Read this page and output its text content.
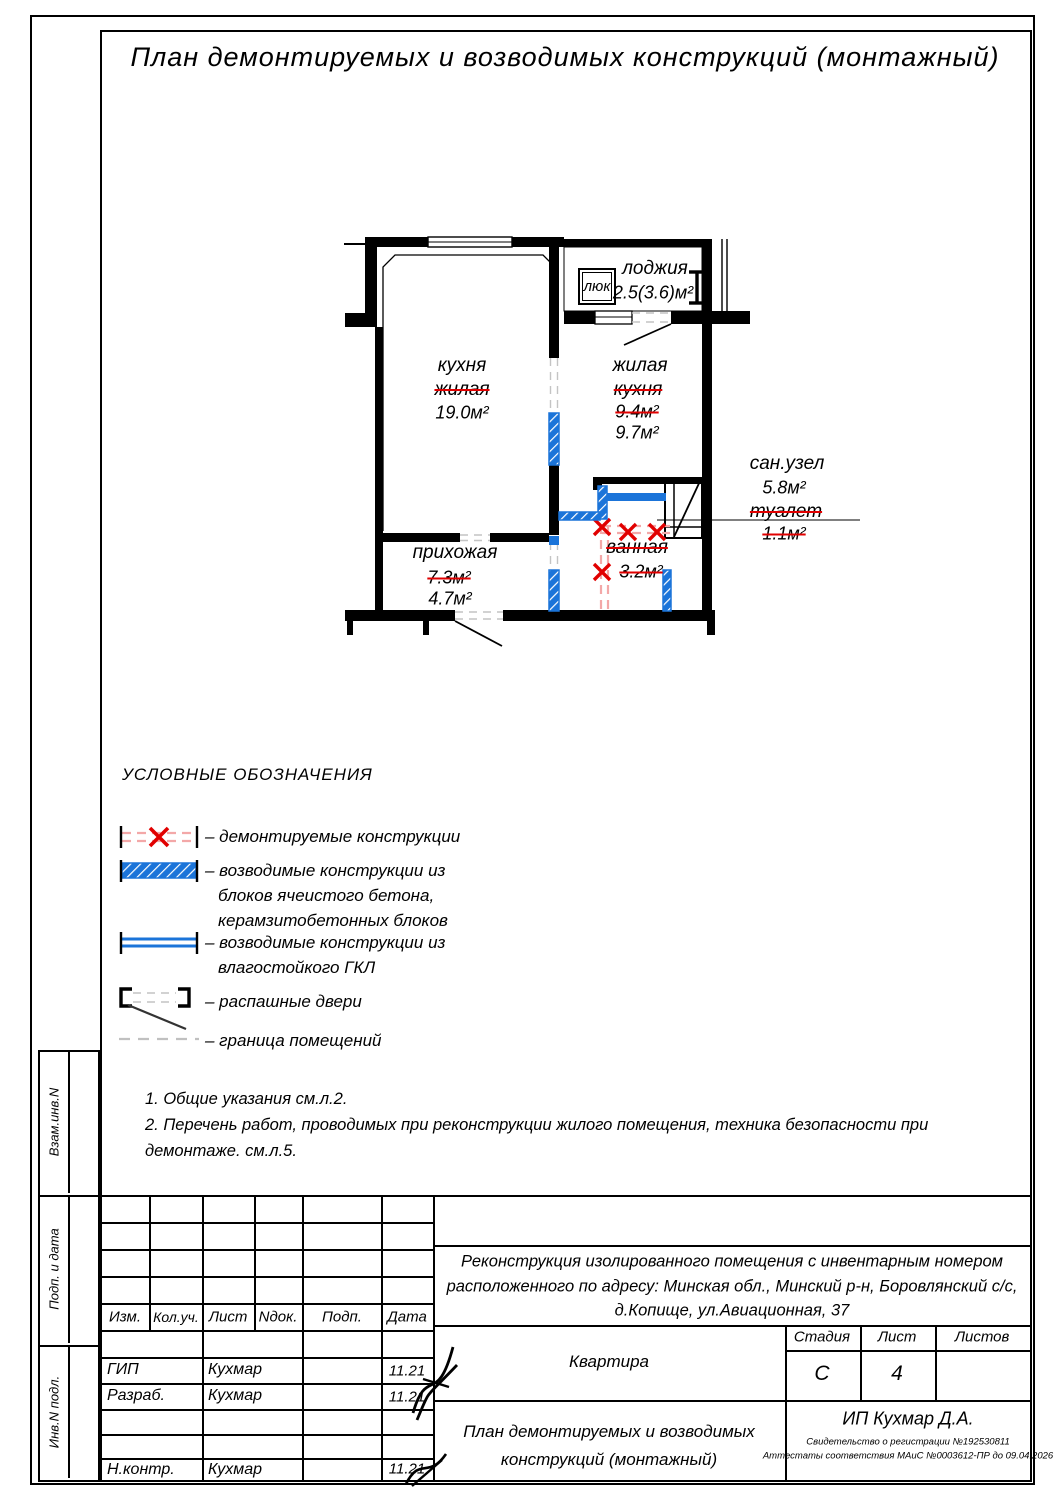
План демонтируемых и возводимых конструкций (монтажный)
люк
кухня
жилая
19.0м²
жилая
кухня
9.4м²
9.7м²
лоджия
2.5(3.6)м²
сан.узел
5.8м²
туалет
1.1м²
ванная
3.2м²
прихожая
7.3м²
4.7м²
УСЛОВНЫЕ ОБОЗНАЧЕНИЯ
– демонтируемые конструкции
– возводимые конструкции из
блоков ячеистого бетона,
керамзитобетонных блоков
– возводимые конструкции из
влагостойкого ГКЛ
– распашные двери
– граница помещений
1. Общие указания см.л.2.
2. Перечень работ, проводимых при реконструкции жилого помещения, техника безопасности при
демонтаже. см.л.5.
Взам.инв.N
Подп. и дата
Инв.N подл.
Изм. Кол.уч. Лист Nдок. Подп. Дата
ГИП	Кухмар	11.21
Разраб.	Кухмар	11.21
Н.контр. Кухмар	11.21
Реконструкция изолированного помещения с инвентарным номером
расположенного по адресу: Минская обл., Минский р-н, Боровлянский с/с,
д.Копище, ул.Авиационная, 37
Квартира
Стадия Лист	Листов
С	4
План демонтируемых и возводимых
конструкций (монтажный)
ИП Кухмар Д.А.
Свидетельство о регистрации №192530811
Аттестаты соответствия МАиС №0003612-ПР до 09.04.2026
